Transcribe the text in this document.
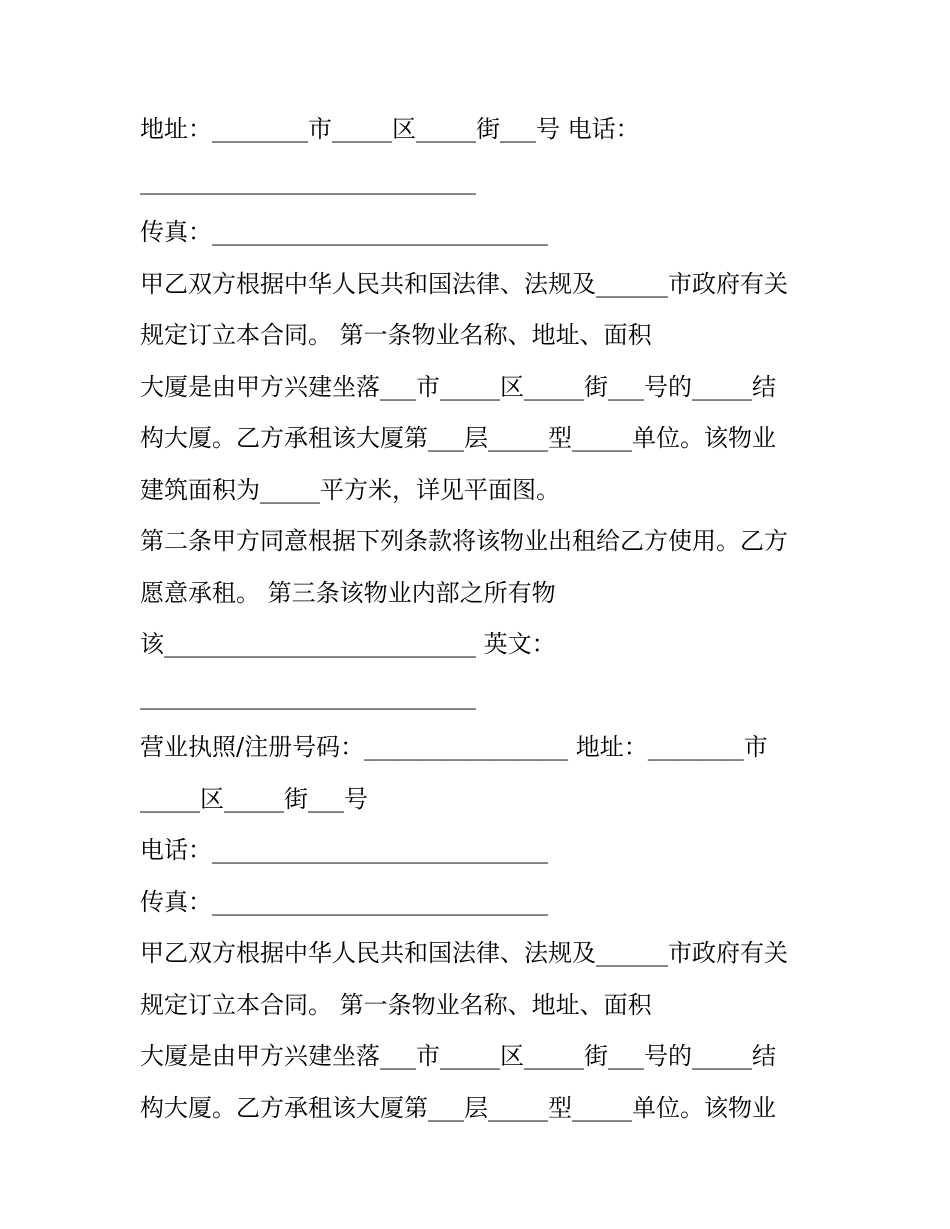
地址：________市_____区_____街___号 电话：
____________________________
传真：____________________________
甲乙双方根据中华人民共和国法律、法规及______市政府有关
规定订立本合同。 第一条物业名称、地址、面积
大厦是由甲方兴建坐落___市_____区_____街___号的_____结
构大厦。乙方承租该大厦第___层_____型_____单位。该物业
建筑面积为_____平方米，详见平面图。
第二条甲方同意根据下列条款将该物业出租给乙方使用。乙方
愿意承租。 第三条该物业内部之所有物
该__________________________ 英文：
____________________________
营业执照/注册号码：_________________ 地址：________市
_____区_____街___号
电话：____________________________
传真：____________________________
甲乙双方根据中华人民共和国法律、法规及______市政府有关
规定订立本合同。 第一条物业名称、地址、面积
大厦是由甲方兴建坐落___市_____区_____街___号的_____结
构大厦。乙方承租该大厦第___层_____型_____单位。该物业
